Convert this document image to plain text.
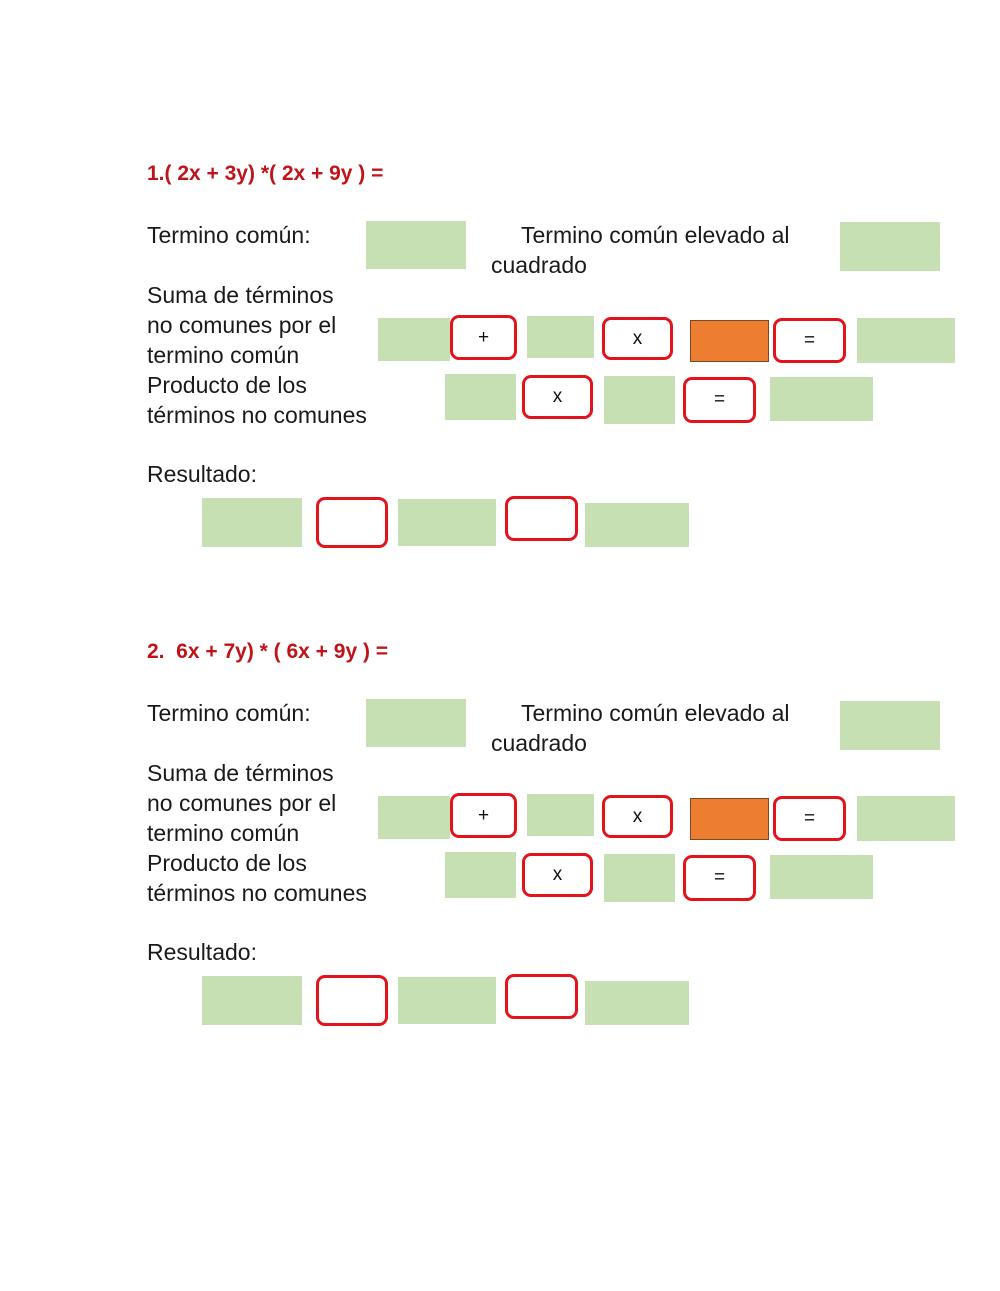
1.( 2x + 3y) *( 2x + 9y ) =
Termino común:	Termino común elevado al
cuadrado
Suma de términos
no comunes por el
termino común
+	x	=
Producto de los
términos no comunes
x	=
Resultado:
2.  6x + 7y) * ( 6x + 9y ) =
Termino común:	Termino común elevado al
cuadrado
Suma de términos
no comunes por el
termino común
+	x	=
Producto de los
términos no comunes
x	=
Resultado:
